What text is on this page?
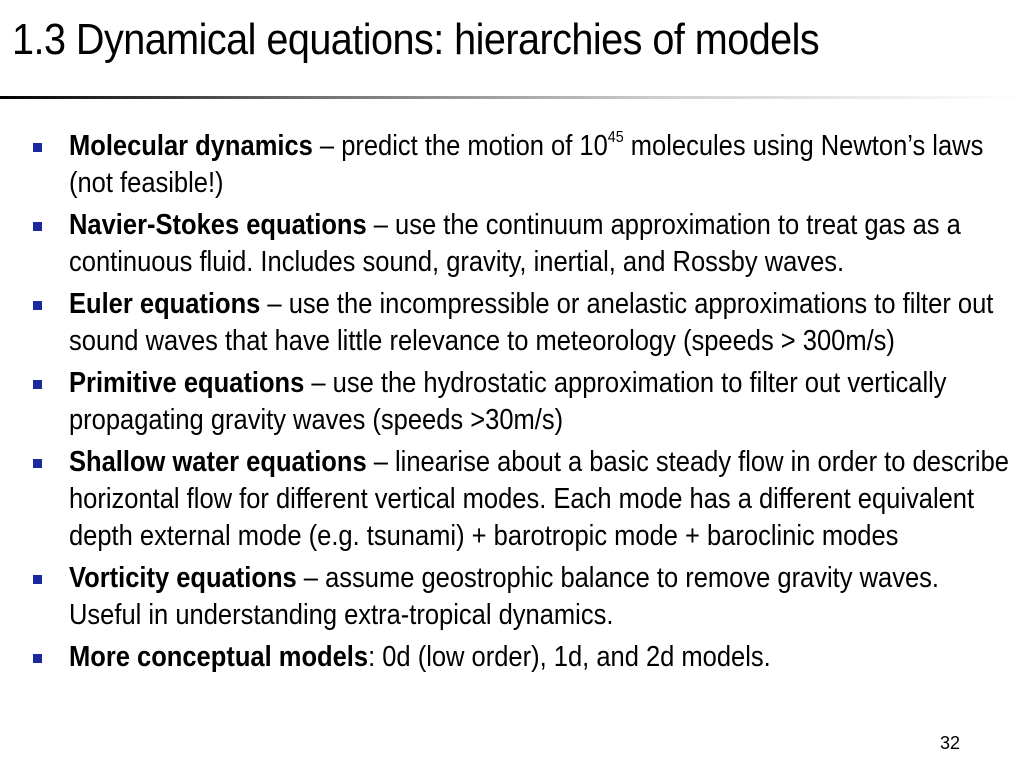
1.3 Dynamical equations: hierarchies of models
Molecular dynamics – predict the motion of $10^{45}$ molecules using Newton’s laws (not feasible!)
Navier-Stokes equations – use the continuum approximation to treat gas as a continuous fluid. Includes sound, gravity, inertial, and Rossby waves.
Euler equations – use the incompressible or anelastic approximations to filter out sound waves that have little relevance to meteorology (speeds > 300m/s)
Primitive equations – use the hydrostatic approximation to filter out vertically propagating gravity waves (speeds >30m/s)
Shallow water equations – linearise about a basic steady flow in order to describe horizontal flow for different vertical modes. Each mode has a different equivalent depth external mode (e.g. tsunami) + barotropic mode + baroclinic modes
Vorticity equations – assume geostrophic balance to remove gravity waves. Useful in understanding extra-tropical dynamics.
More conceptual models: 0d (low order), 1d, and 2d models.
32
